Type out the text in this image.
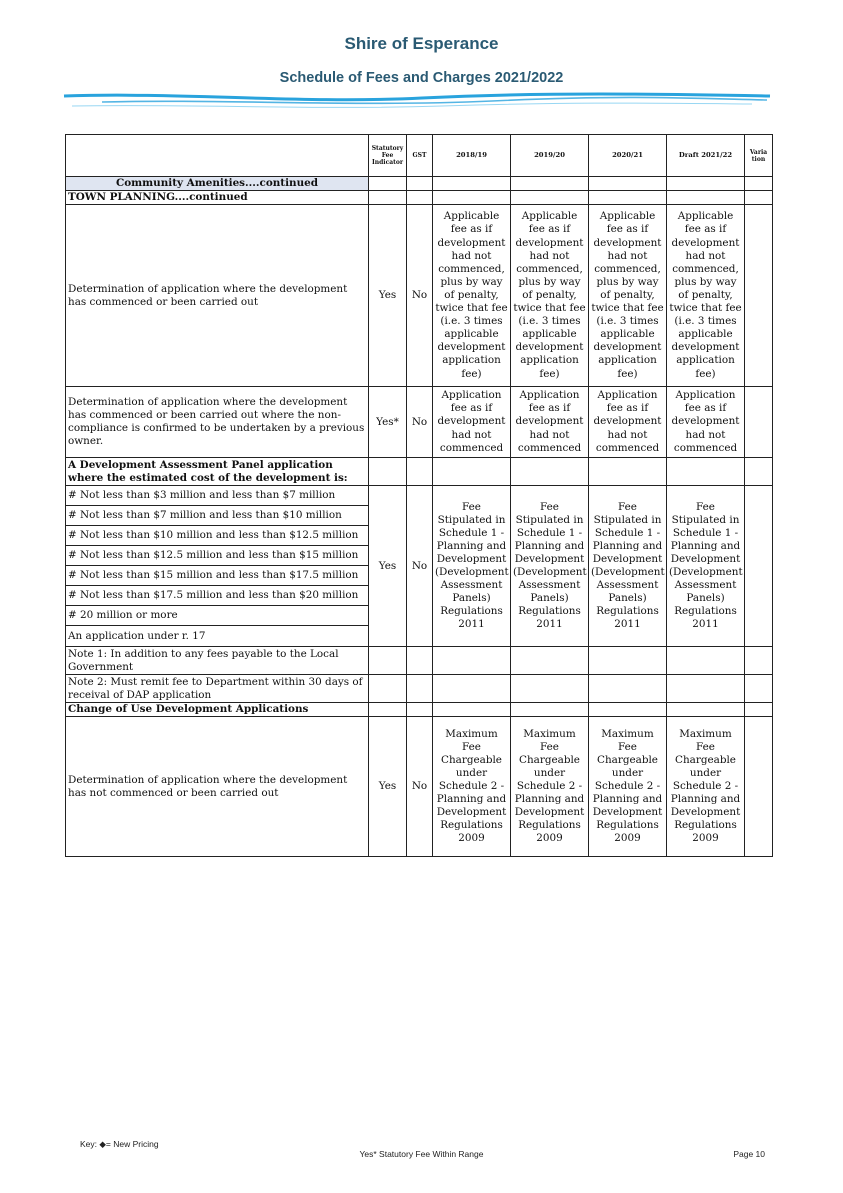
Shire of Esperance
Schedule of Fees and Charges 2021/2022
	Statutory Fee Indicator	GST	2018/19	2019/20	2020/21	Draft 2021/22	Varia tion
Community Amenities....continued							
TOWN PLANNING....continued							
Determination of application where the development has commenced or been carried out	Yes	No	Applicable fee as if development had not commenced, plus by way of penalty, twice that fee (i.e. 3 times applicable development application fee)	Applicable fee as if development had not commenced, plus by way of penalty, twice that fee (i.e. 3 times applicable development application fee)	Applicable fee as if development had not commenced, plus by way of penalty, twice that fee (i.e. 3 times applicable development application fee)	Applicable fee as if development had not commenced, plus by way of penalty, twice that fee (i.e. 3 times applicable development application fee)	
Determination of application where the development has commenced or been carried out where the non-compliance is confirmed to be undertaken by a previous owner.	Yes*	No	Application fee as if development had not commenced	Application fee as if development had not commenced	Application fee as if development had not commenced	Application fee as if development had not commenced	
A Development Assessment Panel application where the estimated cost of the development is:							
# Not less than $3 million and less than $7 million	Yes	No	Fee Stipulated in Schedule 1 - Planning and Development (Development Assessment Panels) Regulations 2011	Fee Stipulated in Schedule 1 - Planning and Development (Development Assessment Panels) Regulations 2011	Fee Stipulated in Schedule 1 - Planning and Development (Development Assessment Panels) Regulations 2011	Fee Stipulated in Schedule 1 - Planning and Development (Development Assessment Panels) Regulations 2011	
# Not less than $7 million and less than $10 million							
# Not less than $10 million and less than $12.5 million							
# Not less than $12.5 million and less than $15 million							
# Not less than $15 million and less than $17.5 million							
# Not less than $17.5 million and less than $20 million							
# 20 million or more							
An application under r. 17							
Note 1: In addition to any fees payable to the Local Government							
Note 2: Must remit fee to Department within 30 days of receival of DAP application							
Change of Use Development Applications							
Determination of application where the development has not commenced or been carried out	Yes	No	Maximum Fee Chargeable under Schedule 2 - Planning and Development Regulations 2009	Maximum Fee Chargeable under Schedule 2 - Planning and Development Regulations 2009	Maximum Fee Chargeable under Schedule 2 - Planning and Development Regulations 2009	Maximum Fee Chargeable under Schedule 2 - Planning and Development Regulations 2009	
Key: ◆= New Pricing
Yes* Statutory Fee Within Range	Page 10
